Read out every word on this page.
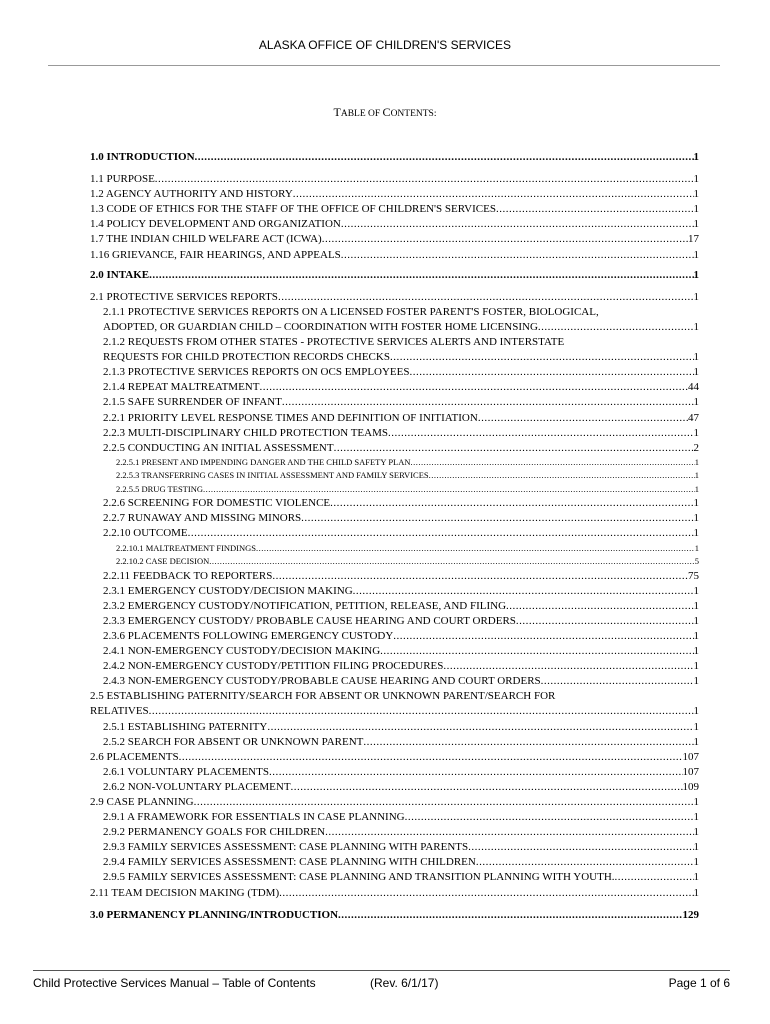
ALASKA OFFICE OF CHILDREN'S SERVICES
TABLE OF CONTENTS:
1.0 INTRODUCTION .....	1
1.1 PURPOSE .....	1
1.2 AGENCY AUTHORITY AND HISTORY .....	1
1.3 CODE OF ETHICS FOR THE STAFF OF THE OFFICE OF CHILDREN'S SERVICES .....	1
1.4 POLICY DEVELOPMENT AND ORGANIZATION .....	1
1.7 THE INDIAN CHILD WELFARE ACT (ICWA) .....	17
1.16 GRIEVANCE, FAIR HEARINGS, AND APPEALS .....	1
2.0 INTAKE .....	1
2.1 PROTECTIVE SERVICES REPORTS .....	1
2.1.1 PROTECTIVE SERVICES REPORTS ON A LICENSED FOSTER PARENT'S FOSTER, BIOLOGICAL,
ADOPTED, OR GUARDIAN CHILD – COORDINATION WITH FOSTER HOME LICENSING .....	1
2.1.2 REQUESTS FROM OTHER STATES - PROTECTIVE SERVICES ALERTS AND INTERSTATE
REQUESTS FOR CHILD PROTECTION RECORDS CHECKS .....	1
2.1.3 PROTECTIVE SERVICES REPORTS ON OCS EMPLOYEES .....	1
2.1.4 REPEAT MALTREATMENT .....	44
2.1.5 SAFE SURRENDER OF INFANT .....	1
2.2.1 PRIORITY LEVEL RESPONSE TIMES AND DEFINITION OF INITIATION .....	47
2.2.3 MULTI-DISCIPLINARY CHILD PROTECTION TEAMS .....	1
2.2.5 CONDUCTING AN INITIAL ASSESSMENT .....	2
2.2.5.1 PRESENT AND IMPENDING DANGER AND THE CHILD SAFETY PLAN .....	1
2.2.5.3 TRANSFERRING CASES IN INITIAL ASSESSMENT AND FAMILY SERVICES .....	1
2.2.5.5 DRUG TESTING .....	1
2.2.6 SCREENING FOR DOMESTIC VIOLENCE .....	1
2.2.7 RUNAWAY AND MISSING MINORS .....	1
2.2.10 OUTCOME .....	1
2.2.10.1 MALTREATMENT FINDINGS .....	1
2.2.10.2 CASE DECISION .....	5
2.2.11 FEEDBACK TO REPORTERS .....	75
2.3.1 EMERGENCY CUSTODY/DECISION MAKING .....	1
2.3.2 EMERGENCY CUSTODY/NOTIFICATION, PETITION, RELEASE, AND FILING .....	1
2.3.3 EMERGENCY CUSTODY/ PROBABLE CAUSE HEARING AND COURT ORDERS .....	1
2.3.6 PLACEMENTS FOLLOWING EMERGENCY CUSTODY .....	1
2.4.1 NON-EMERGENCY CUSTODY/DECISION MAKING .....	1
2.4.2 NON-EMERGENCY CUSTODY/PETITION FILING PROCEDURES .....	1
2.4.3 NON-EMERGENCY CUSTODY/PROBABLE CAUSE HEARING AND COURT ORDERS .....	1
2.5 ESTABLISHING PATERNITY/SEARCH FOR ABSENT OR UNKNOWN PARENT/SEARCH FOR
RELATIVES .....	1
2.5.1 ESTABLISHING PATERNITY .....	1
2.5.2 SEARCH FOR ABSENT OR UNKNOWN PARENT .....	1
2.6 PLACEMENTS .....	107
2.6.1 VOLUNTARY PLACEMENTS .....	107
2.6.2 NON-VOLUNTARY PLACEMENT .....	109
2.9 CASE PLANNING .....	1
2.9.1 A FRAMEWORK FOR ESSENTIALS IN CASE PLANNING .....	1
2.9.2 PERMANENCY GOALS FOR CHILDREN .....	1
2.9.3 FAMILY SERVICES ASSESSMENT: CASE PLANNING WITH PARENTS .....	1
2.9.4 FAMILY SERVICES ASSESSMENT: CASE PLANNING WITH CHILDREN .....	1
2.9.5 FAMILY SERVICES ASSESSMENT: CASE PLANNING AND TRANSITION PLANNING WITH YOUTH. .....	1
2.11 TEAM DECISION MAKING (TDM) .....	1
3.0 PERMANENCY PLANNING/INTRODUCTION .....	129
Child Protective Services Manual – Table of Contents	(Rev. 6/1/17)	Page 1 of 6
